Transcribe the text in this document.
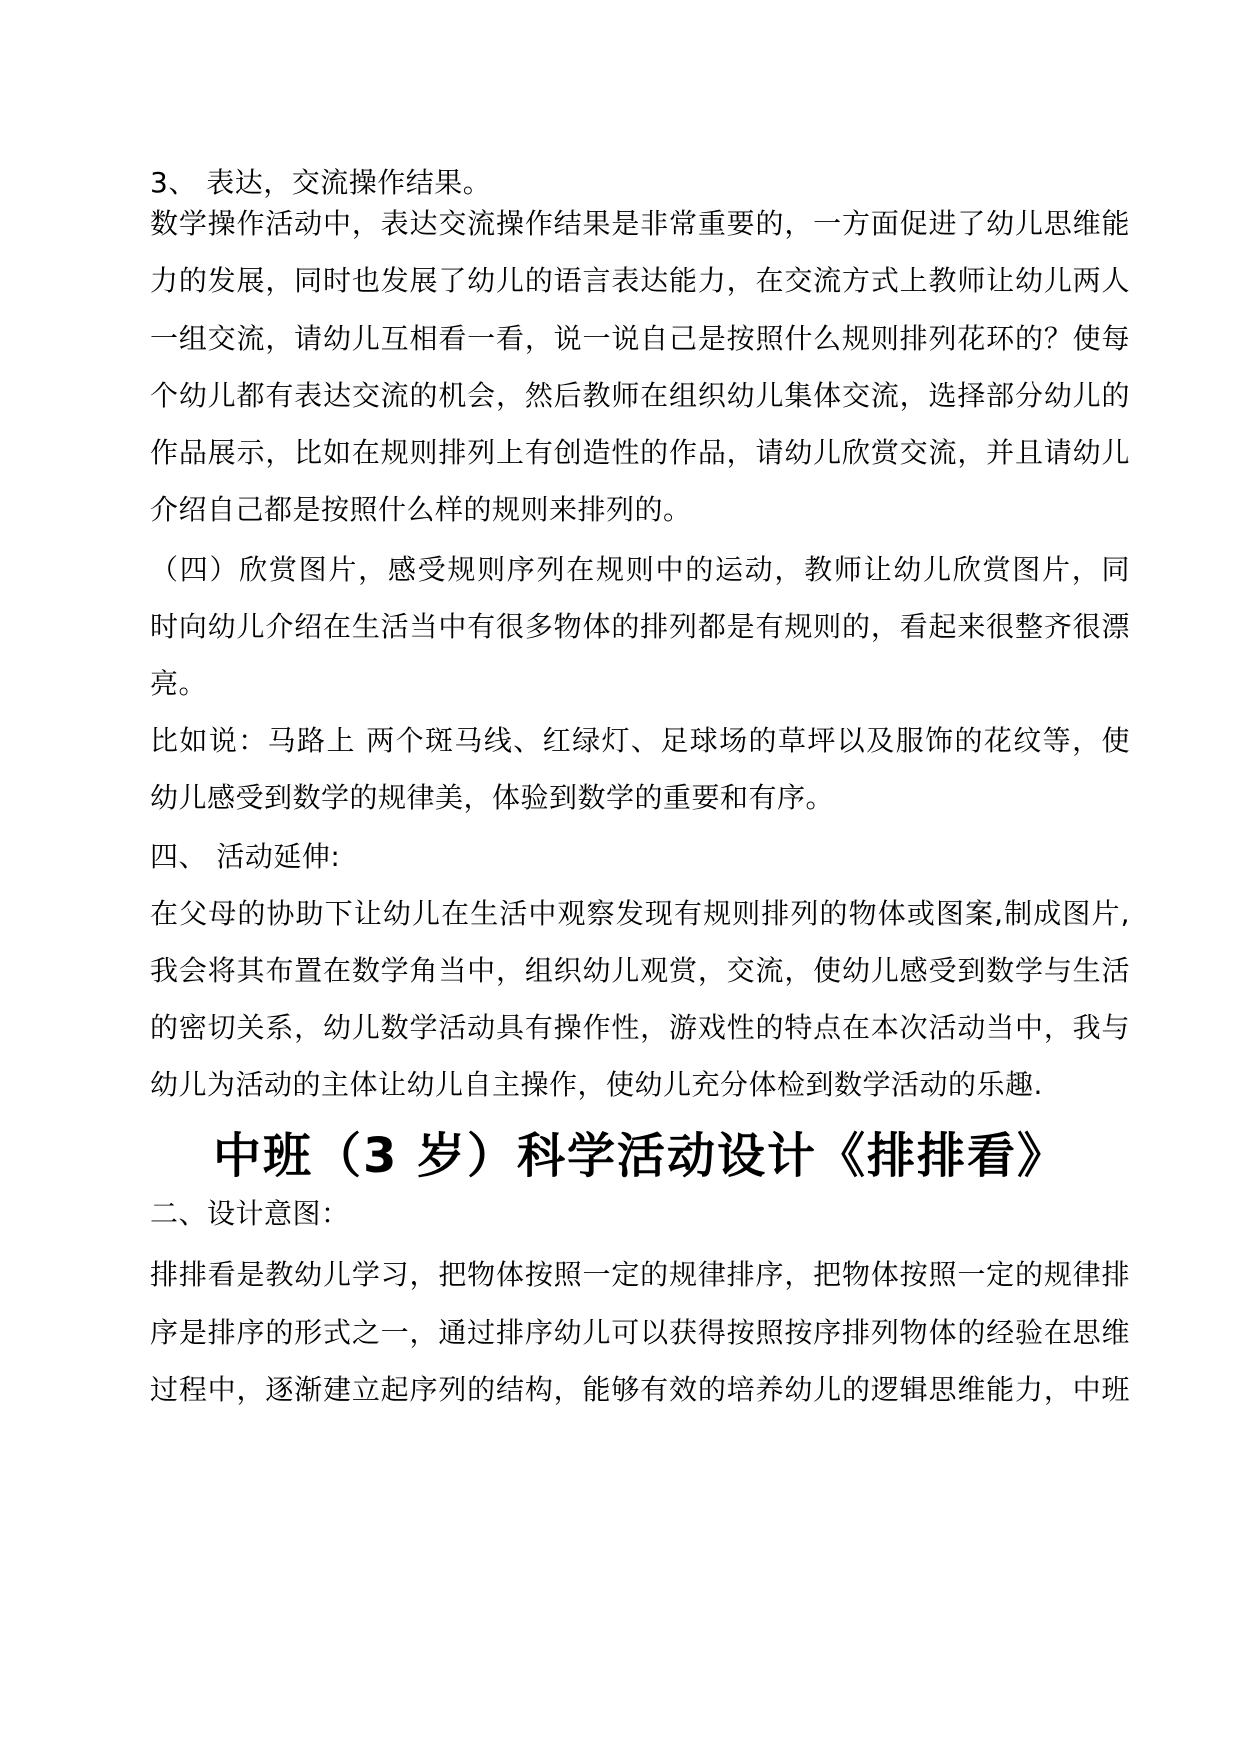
3、 表达，交流操作结果。
数学操作活动中，表达交流操作结果是非常重要的，一方面促进了幼儿思维能
力的发展，同时也发展了幼儿的语言表达能力，在交流方式上教师让幼儿两人
一组交流，请幼儿互相看一看，说一说自己是按照什么规则排列花环的？使每
个幼儿都有表达交流的机会，然后教师在组织幼儿集体交流，选择部分幼儿的
作品展示，比如在规则排列上有创造性的作品，请幼儿欣赏交流，并且请幼儿
介绍自己都是按照什么样的规则来排列的。
（四）欣赏图片，感受规则序列在规则中的运动，教师让幼儿欣赏图片，同
时向幼儿介绍在生活当中有很多物体的排列都是有规则的，看起来很整齐很漂
亮。
比如说：马路上 两个斑马线、红绿灯、足球场的草坪以及服饰的花纹等，使
幼儿感受到数学的规律美，体验到数学的重要和有序。
四、 活动延伸:
在父母的协助下让幼儿在生活中观察发现有规则排列的物体或图案,制成图片,
我会将其布置在数学角当中，组织幼儿观赏，交流，使幼儿感受到数学与生活
的密切关系，幼儿数学活动具有操作性，游戏性的特点在本次活动当中，我与
幼儿为活动的主体让幼儿自主操作，使幼儿充分体检到数学活动的乐趣.
中班（3 岁）科学活动设计《排排看》
二、设计意图：
排排看是教幼儿学习，把物体按照一定的规律排序，把物体按照一定的规律排
序是排序的形式之一，通过排序幼儿可以获得按照按序排列物体的经验在思维
过程中，逐渐建立起序列的结构，能够有效的培养幼儿的逻辑思维能力，中班
